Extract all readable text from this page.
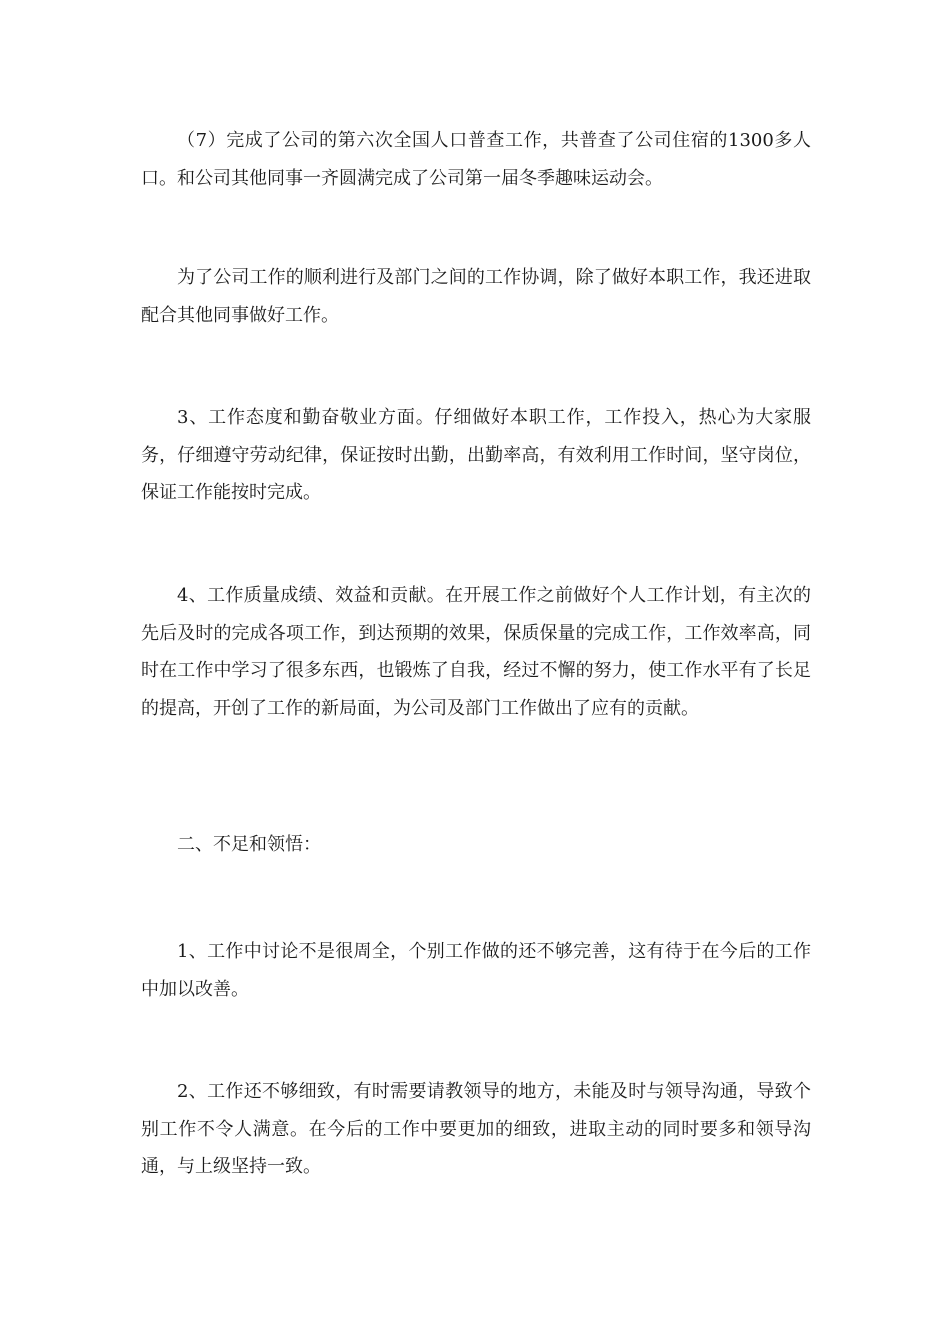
（7）完成了公司的第六次全国人口普查工作，共普查了公司住宿的1300多人口。和公司其他同事一齐圆满完成了公司第一届冬季趣味运动会。

为了公司工作的顺利进行及部门之间的工作协调，除了做好本职工作，我还进取配合其他同事做好工作。

3、工作态度和勤奋敬业方面。仔细做好本职工作，工作投入，热心为大家服务，仔细遵守劳动纪律，保证按时出勤，出勤率高，有效利用工作时间，坚守岗位，保证工作能按时完成。

4、工作质量成绩、效益和贡献。在开展工作之前做好个人工作计划，有主次的先后及时的完成各项工作，到达预期的效果，保质保量的完成工作，工作效率高，同时在工作中学习了很多东西，也锻炼了自我，经过不懈的努力，使工作水平有了长足的提高，开创了工作的新局面，为公司及部门工作做出了应有的贡献。

二、不足和领悟：

1、工作中讨论不是很周全，个别工作做的还不够完善，这有待于在今后的工作中加以改善。

2、工作还不够细致，有时需要请教领导的地方，未能及时与领导沟通，导致个别工作不令人满意。在今后的工作中要更加的细致，进取主动的同时要多和领导沟通，与上级坚持一致。
